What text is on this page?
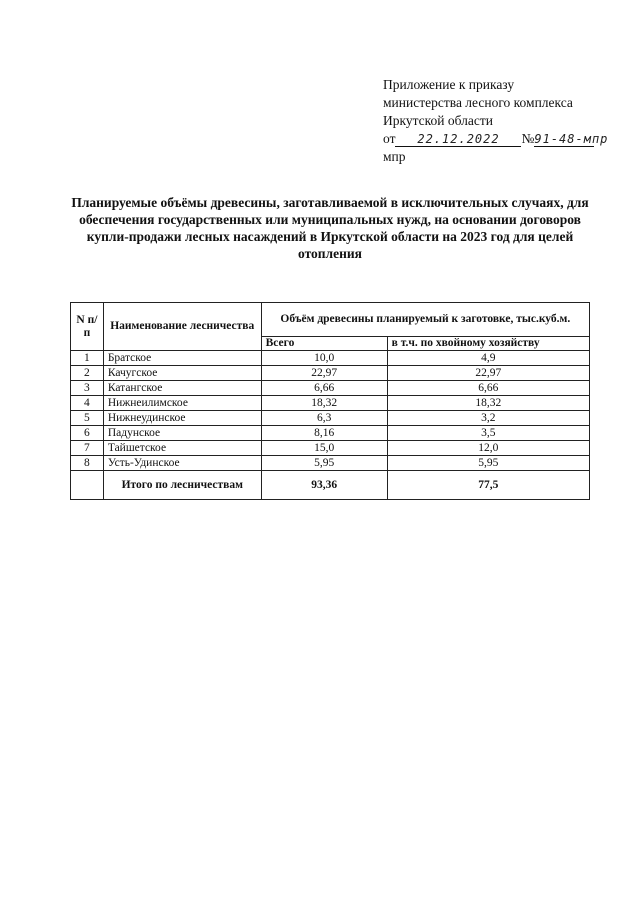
Приложение к приказу
министерства лесного комплекса
Иркутской области
от 22.12.2022 №91-48-мпр
мпр
Планируемые объёмы древесины, заготавливаемой в исключительных случаях, для обеспечения государственных или муниципальных нужд, на основании договоров купли-продажи лесных насаждений в Иркутской области на 2023 год для целей отопления
N п/п	Наименование лесничества	Объём древесины планируемый к заготовке, тыс.куб.м.	
		Всего	в т.ч. по хвойному хозяйству
1	Братское	10,0	4,9
2	Качугское	22,97	22,97
3	Катангское	6,66	6,66
4	Нижнеилимское	18,32	18,32
5	Нижнеудинское	6,3	3,2
6	Падунское	8,16	3,5
7	Тайшетское	15,0	12,0
8	Усть-Удинское	5,95	5,95
	Итого по лесничествам	93,36	77,5
